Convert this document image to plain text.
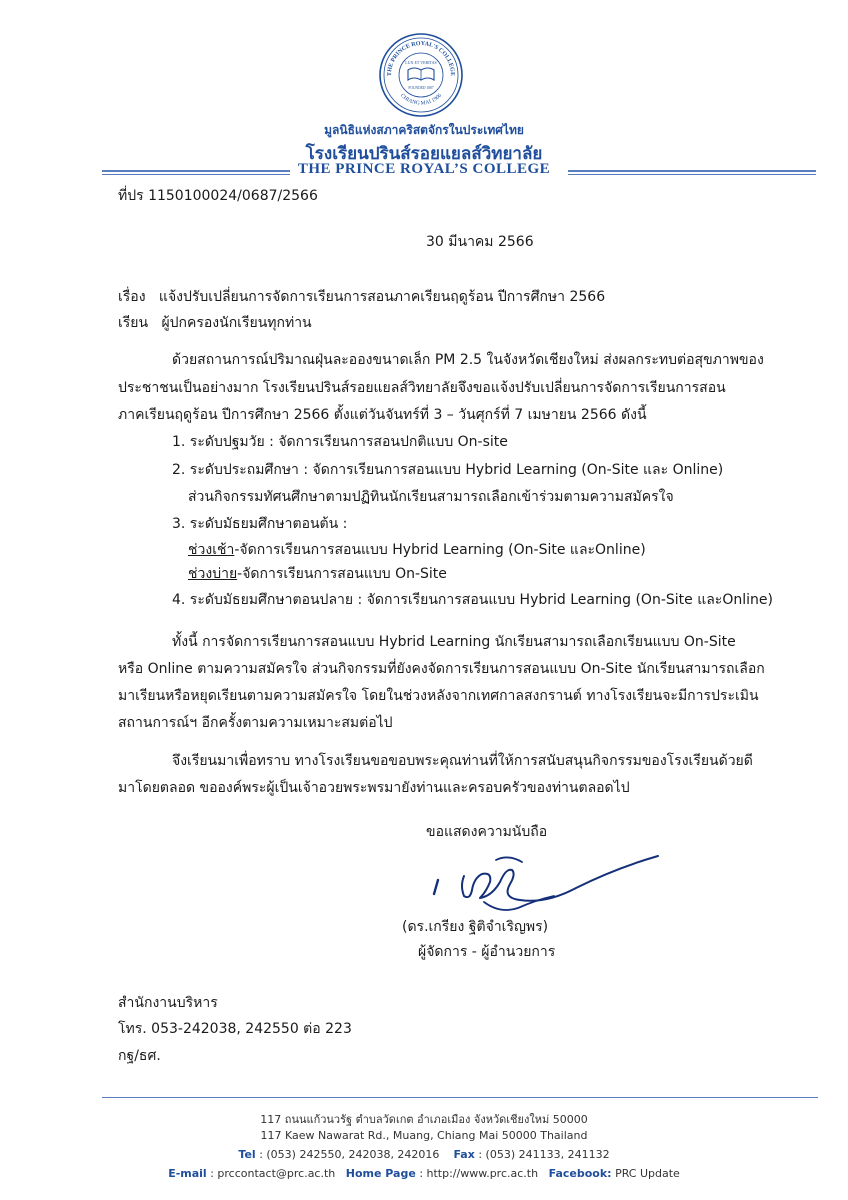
THE PRINCE ROYAL'S COLLEGE
CHIANG MAI 1906
LUX ET VERITAS
FOUNDED 1887
มูลนิธิแห่งสภาคริสตจักรในประเทศไทย
โรงเรียนปรินส์รอยแยลส์วิทยาลัย
THE PRINCE ROYAL’S COLLEGE
ที่ปร 1150100024/0687/2566
30 มีนาคม 2566
เรื่อง แจ้งปรับเปลี่ยนการจัดการเรียนการสอนภาคเรียนฤดูร้อน ปีการศึกษา 2566
เรียน ผู้ปกครองนักเรียนทุกท่าน
ด้วยสถานการณ์ปริมาณฝุ่นละอองขนาดเล็ก PM 2.5 ในจังหวัดเชียงใหม่ ส่งผลกระทบต่อสุขภาพของ
ประชาชนเป็นอย่างมาก โรงเรียนปรินส์รอยแยลส์วิทยาลัยจึงขอแจ้งปรับเปลี่ยนการจัดการเรียนการสอน
ภาคเรียนฤดูร้อน ปีการศึกษา 2566 ตั้งแต่วันจันทร์ที่ 3 – วันศุกร์ที่ 7 เมษายน 2566 ดังนี้
1. ระดับปฐมวัย : จัดการเรียนการสอนปกติแบบ On-site
2. ระดับประถมศึกษา : จัดการเรียนการสอนแบบ Hybrid Learning (On-Site และ Online)
ส่วนกิจกรรมทัศนศึกษาตามปฏิทินนักเรียนสามารถเลือกเข้าร่วมตามความสมัครใจ
3. ระดับมัธยมศึกษาตอนต้น :
ช่วงเช้า-จัดการเรียนการสอนแบบ Hybrid Learning (On-Site และOnline)
ช่วงบ่าย-จัดการเรียนการสอนแบบ On-Site
4. ระดับมัธยมศึกษาตอนปลาย : จัดการเรียนการสอนแบบ Hybrid Learning (On-Site และOnline)
ทั้งนี้ การจัดการเรียนการสอนแบบ Hybrid Learning นักเรียนสามารถเลือกเรียนแบบ On-Site
หรือ Online ตามความสมัครใจ ส่วนกิจกรรมที่ยังคงจัดการเรียนการสอนแบบ On-Site นักเรียนสามารถเลือก
มาเรียนหรือหยุดเรียนตามความสมัครใจ โดยในช่วงหลังจากเทศกาลสงกรานต์ ทางโรงเรียนจะมีการประเมิน
สถานการณ์ฯ อีกครั้งตามความเหมาะสมต่อไป
จึงเรียนมาเพื่อทราบ ทางโรงเรียนขอขอบพระคุณท่านที่ให้การสนับสนุนกิจกรรมของโรงเรียนด้วยดี
มาโดยตลอด ขอองค์พระผู้เป็นเจ้าอวยพระพรมายังท่านและครอบครัวของท่านตลอดไป
ขอแสดงความนับถือ
(ดร.เกรียง ฐิติจำเริญพร)
ผู้จัดการ - ผู้อำนวยการ
สำนักงานบริหาร
โทร. 053-242038, 242550 ต่อ 223
กฐ/ธศ.
117 ถนนแก้วนวรัฐ ตำบลวัดเกต อำเภอเมือง จังหวัดเชียงใหม่ 50000
117 Kaew Nawarat Rd., Muang, Chiang Mai 50000 Thailand
Tel : (053) 242550, 242038, 242016 Fax : (053) 241133, 241132
E-mail : prccontact@prc.ac.th Home Page : http://www.prc.ac.th Facebook: PRC Update
